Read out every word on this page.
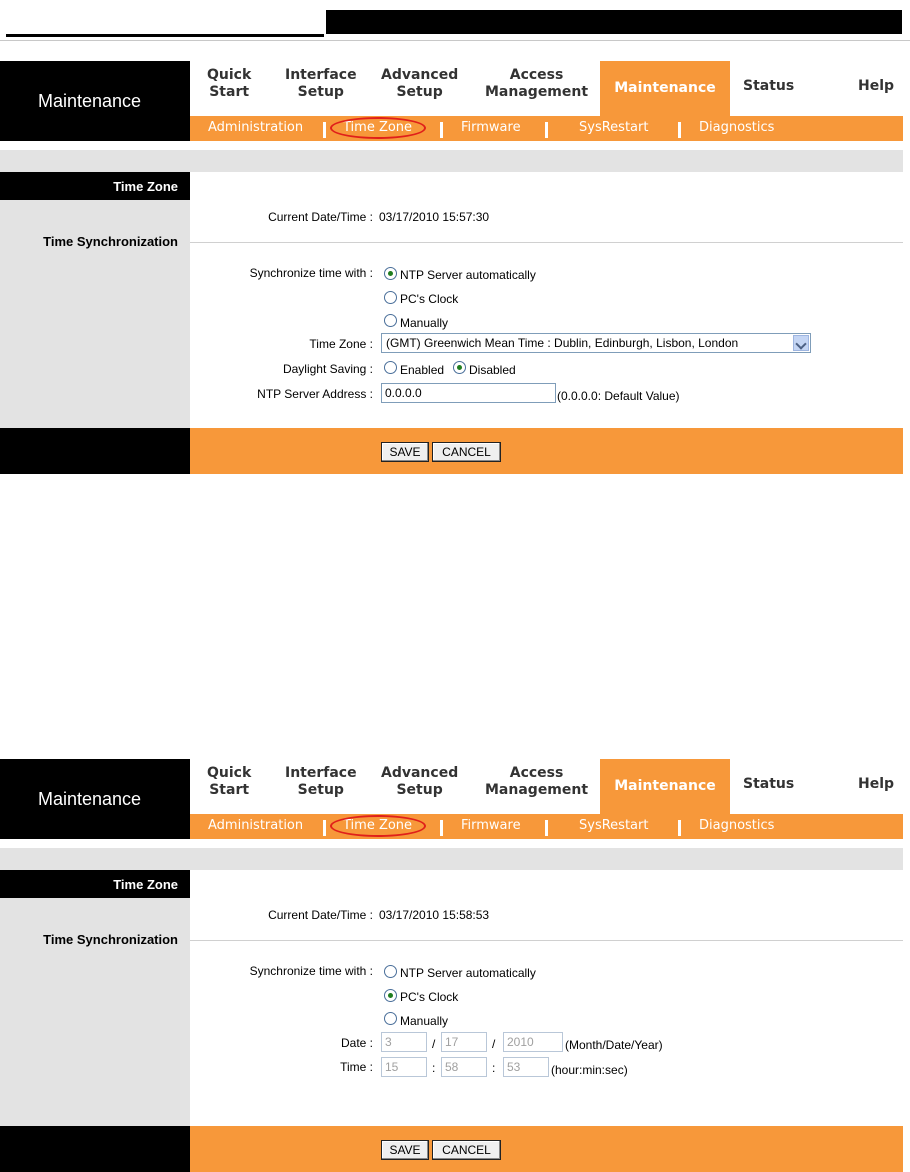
Maintenance
Quick
Start
Interface
Setup
Advanced
Setup
Access
Management	Maintenance	Status	Help
Administration	Time Zone	Firmware	SysRestart	Diagnostics
Time Zone
Time Synchronization
Current Date/Time : 03/17/2010 15:57:30
Synchronize time with : NTP Server automatically
PC's Clock
Manually
Time Zone :	(GMT) Greenwich Mean Time : Dublin, Edinburgh, Lisbon, London
Daylight Saving : Enabled Disabled
NTP Server Address :	0.0.0.0	(0.0.0.0: Default Value)
SAVE	CANCEL
Maintenance
Quick
Start
Interface
Setup
Advanced
Setup
Access
Management	Maintenance	Status	Help
Administration	Time Zone	Firmware	SysRestart	Diagnostics
Time Zone
Time Synchronization
Current Date/Time : 03/17/2010 15:58:53
Synchronize time with : NTP Server automatically
PC's Clock
Manually
Date :	3	/ 17	/ 2010	(Month/Date/Year)
Time :	15	: 58	: 53	(hour:min:sec)
SAVE	CANCEL
